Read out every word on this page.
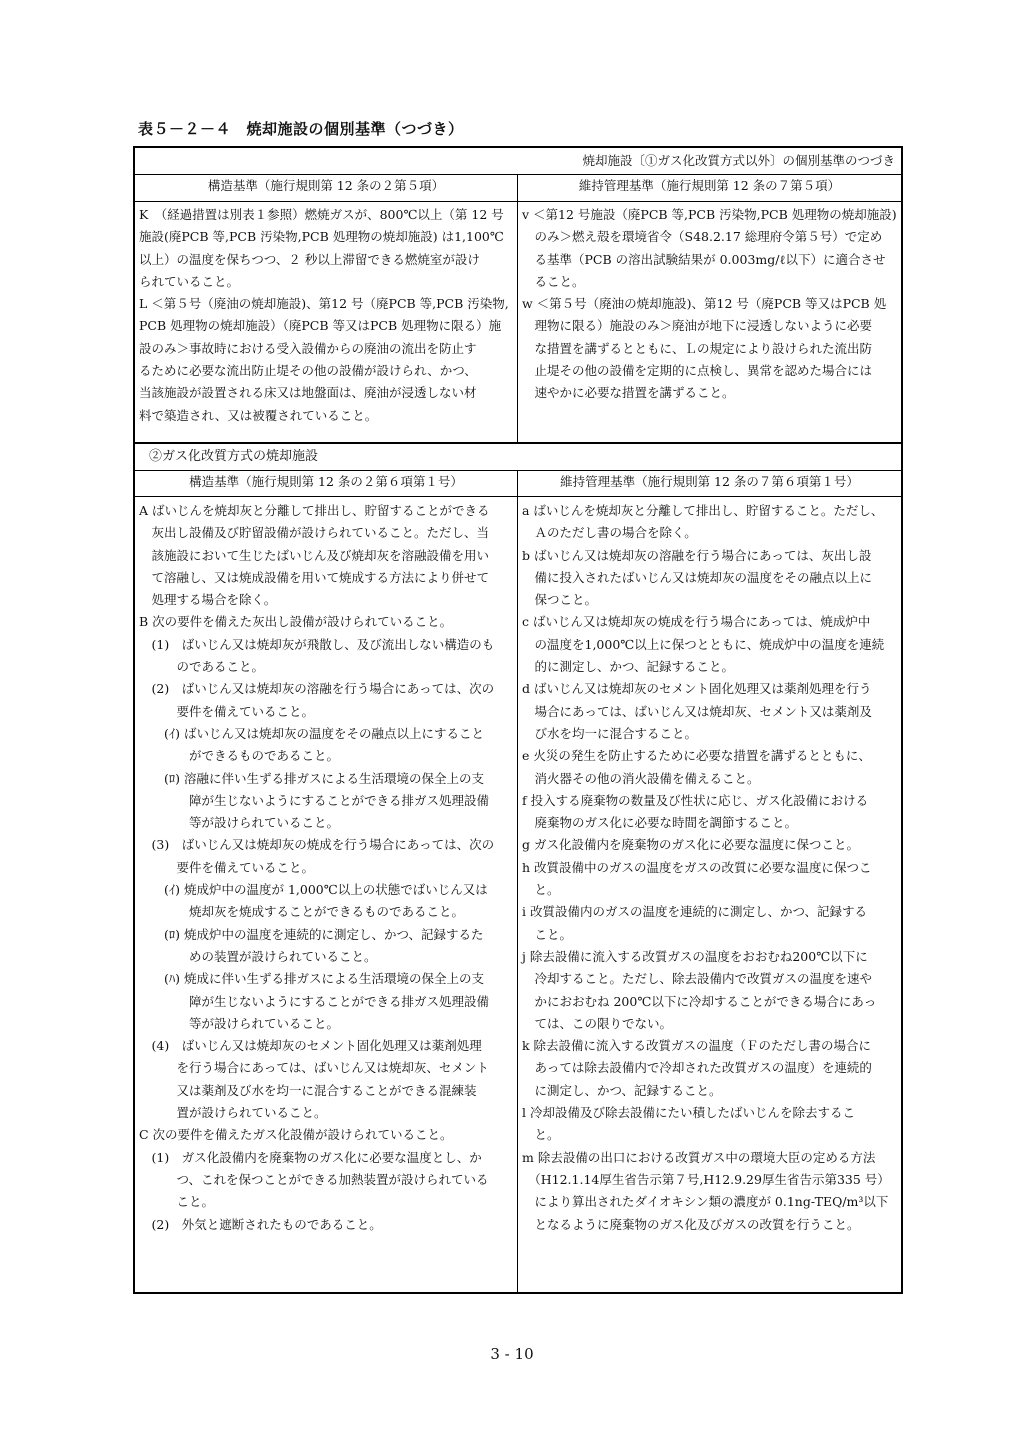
表５－２－４　焼却施設の個別基準（つづき）
焼却施設〔①ガス化改質方式以外〕の個別基準のつづき
構造基準（施行規則第 12 条の２第５項）	維持管理基準（施行規則第 12 条の７第５項）
K　（経過措置は別表１参照）燃焼ガスが、800℃以上（第 12 号
施設(廃PCB 等,PCB 汚染物,PCB 処理物の焼却施設) は1,100℃
以上）の温度を保ちつつ、２ 秒以上滞留できる燃焼室が設け
られていること。
L ＜第５号（廃油の焼却施設)、第12 号（廃PCB 等,PCB 汚染物,
PCB 処理物の焼却施設）（廃PCB 等又はPCB 処理物に限る）施
設のみ＞事故時における受入設備からの廃油の流出を防止す
るために必要な流出防止堤その他の設備が設けられ、かつ、
当該施設が設置される床又は地盤面は、廃油が浸透しない材
料で築造され、又は被覆されていること。
v ＜第12 号施設（廃PCB 等,PCB 汚染物,PCB 処理物の焼却施設)
　のみ＞燃え殻を環境省令（S48.2.17 総理府令第５号）で定め
　る基準（PCB の溶出試験結果が 0.003mg/ℓ以下）に適合させ
　ること。
w ＜第５号（廃油の焼却施設)、第12 号（廃PCB 等又はPCB 処
　理物に限る）施設のみ＞廃油が地下に浸透しないように必要
　な措置を講ずるとともに、Ｌの規定により設けられた流出防
　止堤その他の設備を定期的に点検し、異常を認めた場合には
　速やかに必要な措置を講ずること。
②ガス化改質方式の焼却施設
構造基準（施行規則第 12 条の２第６項第１号）	維持管理基準（施行規則第 12 条の７第６項第１号）
A ばいじんを焼却灰と分離して排出し、貯留することができる
　灰出し設備及び貯留設備が設けられていること。ただし、当
　該施設において生じたばいじん及び焼却灰を溶融設備を用い
　て溶融し、又は焼成設備を用いて焼成する方法により併せて
　処理する場合を除く。
B 次の要件を備えた灰出し設備が設けられていること。
　(1)　ばいじん又は焼却灰が飛散し、及び流出しない構造のも
　　　のであること。
　(2)　ばいじん又は焼却灰の溶融を行う場合にあっては、次の
　　　要件を備えていること。
　　(ｲ) ばいじん又は焼却灰の温度をその融点以上にすること
　　　　ができるものであること。
　　(ﾛ) 溶融に伴い生ずる排ガスによる生活環境の保全上の支
　　　　障が生じないようにすることができる排ガス処理設備
　　　　等が設けられていること。
　(3)　ばいじん又は焼却灰の焼成を行う場合にあっては、次の
　　　要件を備えていること。
　　(ｲ) 焼成炉中の温度が 1,000℃以上の状態でばいじん又は
　　　　焼却灰を焼成することができるものであること。
　　(ﾛ) 焼成炉中の温度を連続的に測定し、かつ、記録するた
　　　　めの装置が設けられていること。
　　(ﾊ) 焼成に伴い生ずる排ガスによる生活環境の保全上の支
　　　　障が生じないようにすることができる排ガス処理設備
　　　　等が設けられていること。
　(4)　ばいじん又は焼却灰のセメント固化処理又は薬剤処理
　　　を行う場合にあっては、ばいじん又は焼却灰、セメント
　　　又は薬剤及び水を均一に混合することができる混練装
　　　置が設けられていること。
C 次の要件を備えたガス化設備が設けられていること。
　(1)　ガス化設備内を廃棄物のガス化に必要な温度とし、か
　　　つ、これを保つことができる加熱装置が設けられている
　　　こと。
　(2)　外気と遮断されたものであること。
a ばいじんを焼却灰と分離して排出し、貯留すること。ただし、
　Ａのただし書の場合を除く。
b ばいじん又は焼却灰の溶融を行う場合にあっては、灰出し設
　備に投入されたばいじん又は焼却灰の温度をその融点以上に
　保つこと。
c ばいじん又は焼却灰の焼成を行う場合にあっては、焼成炉中
　の温度を1,000℃以上に保つとともに、焼成炉中の温度を連続
　的に測定し、かつ、記録すること。
d ばいじん又は焼却灰のセメント固化処理又は薬剤処理を行う
　場合にあっては、ばいじん又は焼却灰、セメント又は薬剤及
　び水を均一に混合すること。
e 火災の発生を防止するために必要な措置を講ずるとともに、
　消火器その他の消火設備を備えること。
f 投入する廃棄物の数量及び性状に応じ、ガス化設備における
　廃棄物のガス化に必要な時間を調節すること。
g ガス化設備内を廃棄物のガス化に必要な温度に保つこと。
h 改質設備中のガスの温度をガスの改質に必要な温度に保つこ
　と。
i 改質設備内のガスの温度を連続的に測定し、かつ、記録する
　こと。
j 除去設備に流入する改質ガスの温度をおおむね200℃以下に
　冷却すること。ただし、除去設備内で改質ガスの温度を速や
　かにおおむね 200℃以下に冷却することができる場合にあっ
　ては、この限りでない。
k 除去設備に流入する改質ガスの温度（Ｆのただし書の場合に
　あっては除去設備内で冷却された改質ガスの温度）を連続的
　に測定し、かつ、記録すること。
l 冷却設備及び除去設備にたい積したばいじんを除去するこ
　と。
m 除去設備の出口における改質ガス中の環境大臣の定める方法
　（H12.1.14厚生省告示第７号,H12.9.29厚生省告示第335 号）
　により算出されたダイオキシン類の濃度が 0.1ng-TEQ/m³以下
　となるように廃棄物のガス化及びガスの改質を行うこと。
3 - 10
